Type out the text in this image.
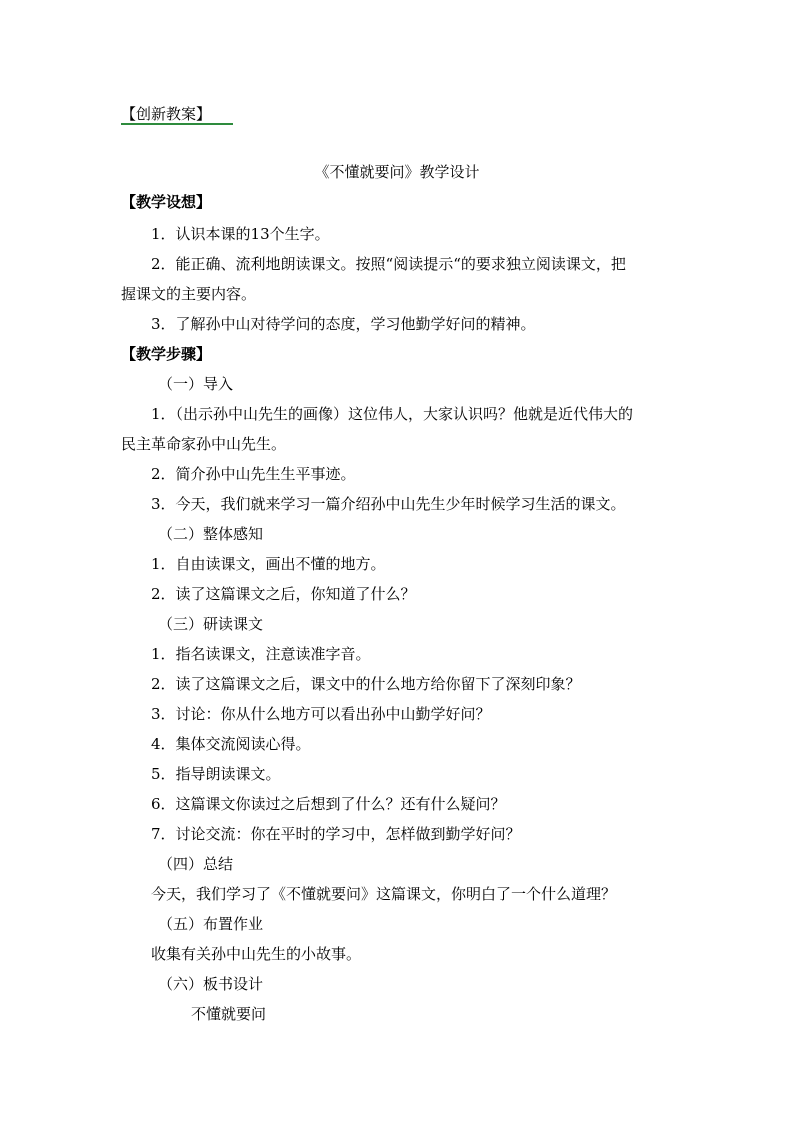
【创新教案】
《不懂就要问》教学设计
【教学设想】
1．认识本课的13个生字。
2．能正确、流利地朗读课文。按照“阅读提示“的要求独立阅读课文，把
握课文的主要内容。
3．了解孙中山对待学问的态度，学习他勤学好问的精神。
【教学步骤】
（一）导入
1．（出示孙中山先生的画像）这位伟人，大家认识吗？他就是近代伟大的
民主革命家孙中山先生。
2．简介孙中山先生生平事迹。
3．今天，我们就来学习一篇介绍孙中山先生少年时候学习生活的课文。
（二）整体感知
1．自由读课文，画出不懂的地方。
2．读了这篇课文之后，你知道了什么？
（三）研读课文
1．指名读课文，注意读准字音。
2．读了这篇课文之后，课文中的什么地方给你留下了深刻印象？
3．讨论：你从什么地方可以看出孙中山勤学好问？
4．集体交流阅读心得。
5．指导朗读课文。
6．这篇课文你读过之后想到了什么？还有什么疑问？
7．讨论交流：你在平时的学习中，怎样做到勤学好问？
（四）总结
今天，我们学习了《不懂就要问》这篇课文，你明白了一个什么道理？
（五）布置作业
收集有关孙中山先生的小故事。
（六）板书设计
不懂就要问
